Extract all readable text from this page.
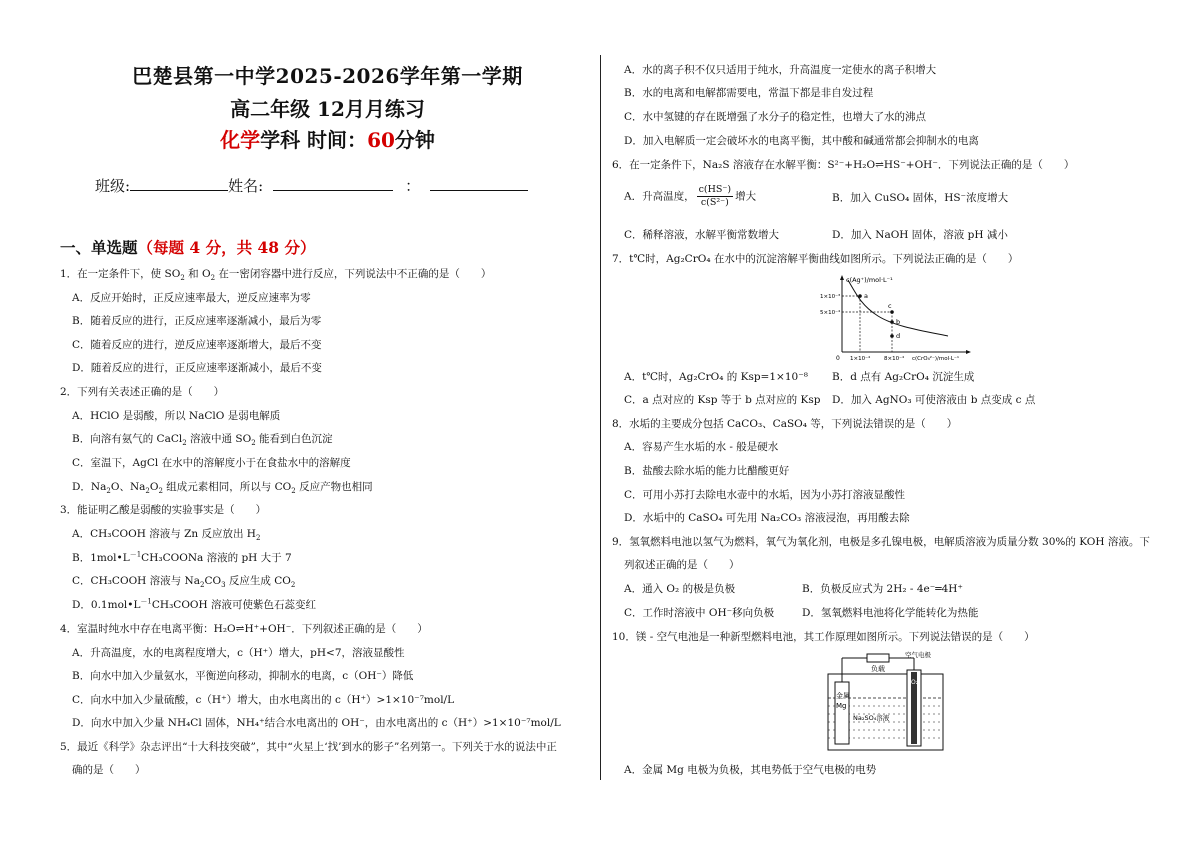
巴楚县第一中学2025-2026学年第一学期
高二年级 12月月练习
化学学科 时间：60分钟
班级:	姓名:	：
一、单选题（每题 4 分，共 48 分）
1．在一定条件下，使 $SO_2$ 和 $O_2$ 在一密闭容器中进行反应，下列说法中不正确的是（　　）
A．反应开始时，正反应速率最大，逆反应速率为零
B．随着反应的进行，正反应速率逐渐减小，最后为零
C．随着反应的进行，逆反应速率逐渐增大，最后不变
D．随着反应的进行，正反应速率逐渐减小，最后不变
2．下列有关表述正确的是（　　）
A．HClO 是弱酸，所以 NaClO 是弱电解质
B．向溶有氨气的 CaCl$_2$ 溶液中通 $SO_2$ 能看到白色沉淀
C．室温下，AgCl 在水中的溶解度小于在食盐水中的溶解度
D．$Na_2O$、$Na_2O_2$ 组成元素相同，所以与 $CO_2$ 反应产物也相同
3．能证明乙酸是弱酸的实验事实是（　　）
A．CH₃COOH 溶液与 Zn 反应放出 $H_2$
B．$1mol•L^{-1}CH_3COONa$ 溶液的 pH 大于 7
C．CH₃COOH 溶液与 $Na_2CO_3$ 反应生成 $CO_2$
D．$0.1mol•L^{-1}CH_3COOH$ 溶液可使紫色石蕊变红
4．室温时纯水中存在电离平衡：H₂O⇌H⁺+OH⁻．下列叙述正确的是（　　）
A．升高温度，水的电离程度增大，c（H⁺）增大，pH<7，溶液显酸性
B．向水中加入少量氨水，平衡逆向移动，抑制水的电离，c（OH⁻）降低
C．向水中加入少量硫酸，c（H⁺）增大，由水电离出的 c（H⁺）>1×10⁻⁷mol/L
D．向水中加入少量 NH₄Cl 固体，NH₄⁺结合水电离出的 OH⁻，由水电离出的 c（H⁺）>1×10⁻⁷mol/L
5．最近《科学》杂志评出“十大科技突破”，其中“火星上‘找’到水的影子”名列第一。下列关于水的说法中正
确的是（　　）
A．水的离子积不仅只适用于纯水，升高温度一定使水的离子积增大
B．水的电离和电解都需要电，常温下都是非自发过程
C．水中氢键的存在既增强了水分子的稳定性，也增大了水的沸点
D．加入电解质一定会破坏水的电离平衡，其中酸和碱通常都会抑制水的电离
6．在一定条件下，Na₂S 溶液存在水解平衡：S²⁻+H₂O⇌HS⁻+OH⁻．下列说法正确的是（　　）
A．升高温度， $\frac{c(HS^-)}{\text{c(S²⁻)}}$ 增大	B．加入 CuSO₄ 固体，HS⁻浓度增大
C．稀释溶液，水解平衡常数增大	D．加入 NaOH 固体，溶液 pH 减小
7．t℃时，Ag₂CrO₄ 在水中的沉淀溶解平衡曲线如图所示。下列说法正确的是（　　）
c(Ag⁺)/mol·L⁻¹
1×10⁻³
5×10⁻⁴
0 1×10⁻⁴	8×10⁻⁴ c(CrO₄²⁻)/mol·L⁻¹
a
b
c
d
A．t℃时，Ag₂CrO₄ 的 Ksp=1×10⁻⁸ B．d 点有 Ag₂CrO₄ 沉淀生成
C．a 点对应的 Ksp 等于 b 点对应的 Ksp D．加入 AgNO₃ 可使溶液由 b 点变成 c 点
8．水垢的主要成分包括 CaCO₃、CaSO₄ 等，下列说法错误的是（　　）
A．容易产生水垢的水 - 般是硬水
B．盐酸去除水垢的能力比醋酸更好
C．可用小苏打去除电水壶中的水垢，因为小苏打溶液显酸性
D．水垢中的 CaSO₄ 可先用 Na₂CO₃ 溶液浸泡，再用酸去除
9．氢氧燃料电池以氢气为燃料，氧气为氧化剂，电极是多孔镍电极，电解质溶液为质量分数 30%的 KOH 溶液。下
列叙述正确的是（　　）
A．通入 O₂ 的极是负极	B．负极反应式为 2H₂ - 4e⁻═4H⁺
C．工作时溶液中 OH⁻移向负极	D．氢氧燃料电池将化学能转化为热能
10．镁 - 空气电池是一种新型燃料电池，其工作原理如图所示。下列说法错误的是（　　）
金属
Mg
O₂
负载
空气电极
Na₂SO₄溶液
A．金属 Mg 电极为负极，其电势低于空气电极的电势
